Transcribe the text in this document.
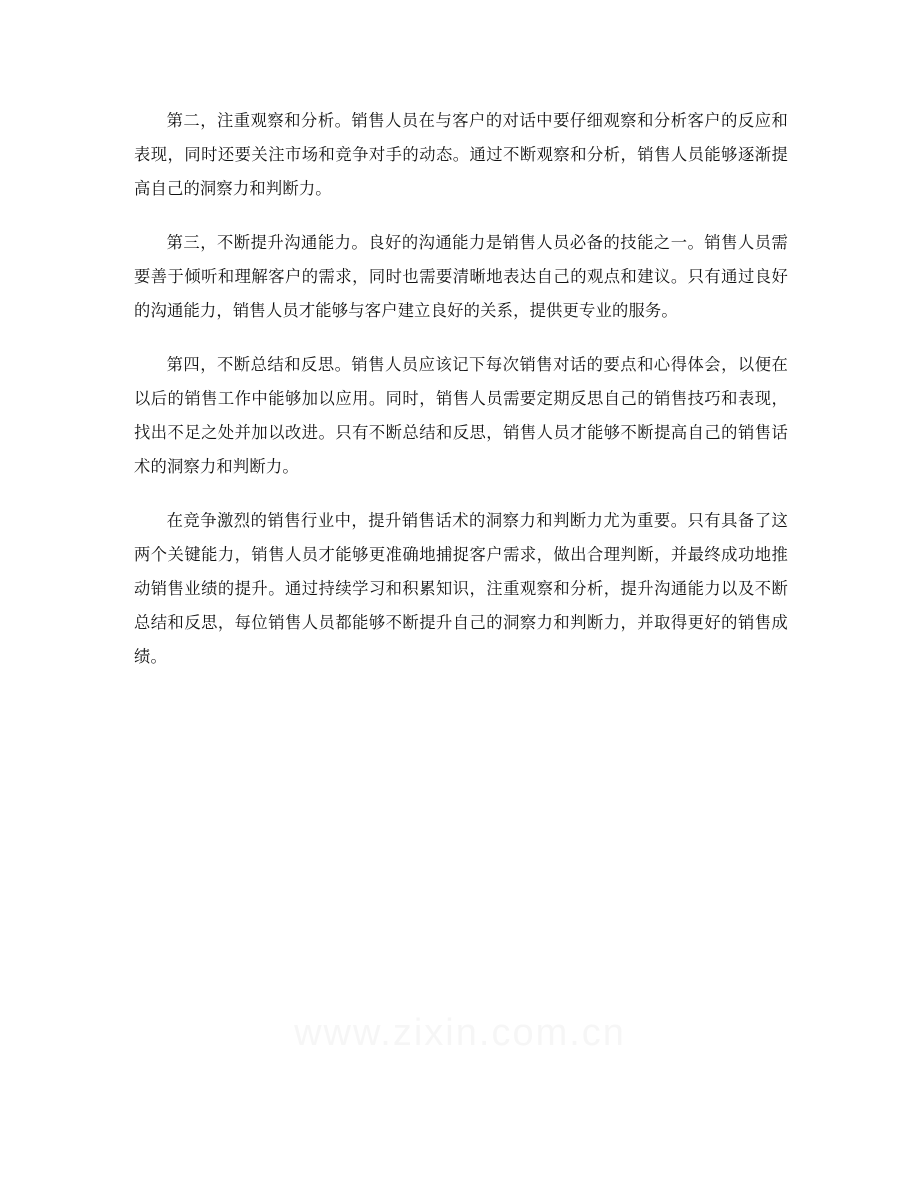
第二，注重观察和分析。销售人员在与客户的对话中要仔细观察和分析客户的反应和表现，同时还要关注市场和竞争对手的动态。通过不断观察和分析，销售人员能够逐渐提高自己的洞察力和判断力。

第三，不断提升沟通能力。良好的沟通能力是销售人员必备的技能之一。销售人员需要善于倾听和理解客户的需求，同时也需要清晰地表达自己的观点和建议。只有通过良好的沟通能力，销售人员才能够与客户建立良好的关系，提供更专业的服务。

第四，不断总结和反思。销售人员应该记下每次销售对话的要点和心得体会，以便在以后的销售工作中能够加以应用。同时，销售人员需要定期反思自己的销售技巧和表现，找出不足之处并加以改进。只有不断总结和反思，销售人员才能够不断提高自己的销售话术的洞察力和判断力。

在竞争激烈的销售行业中，提升销售话术的洞察力和判断力尤为重要。只有具备了这两个关键能力，销售人员才能够更准确地捕捉客户需求，做出合理判断，并最终成功地推动销售业绩的提升。通过持续学习和积累知识，注重观察和分析，提升沟通能力以及不断总结和反思，每位销售人员都能够不断提升自己的洞察力和判断力，并取得更好的销售成绩。

www.zixin.com.cn
